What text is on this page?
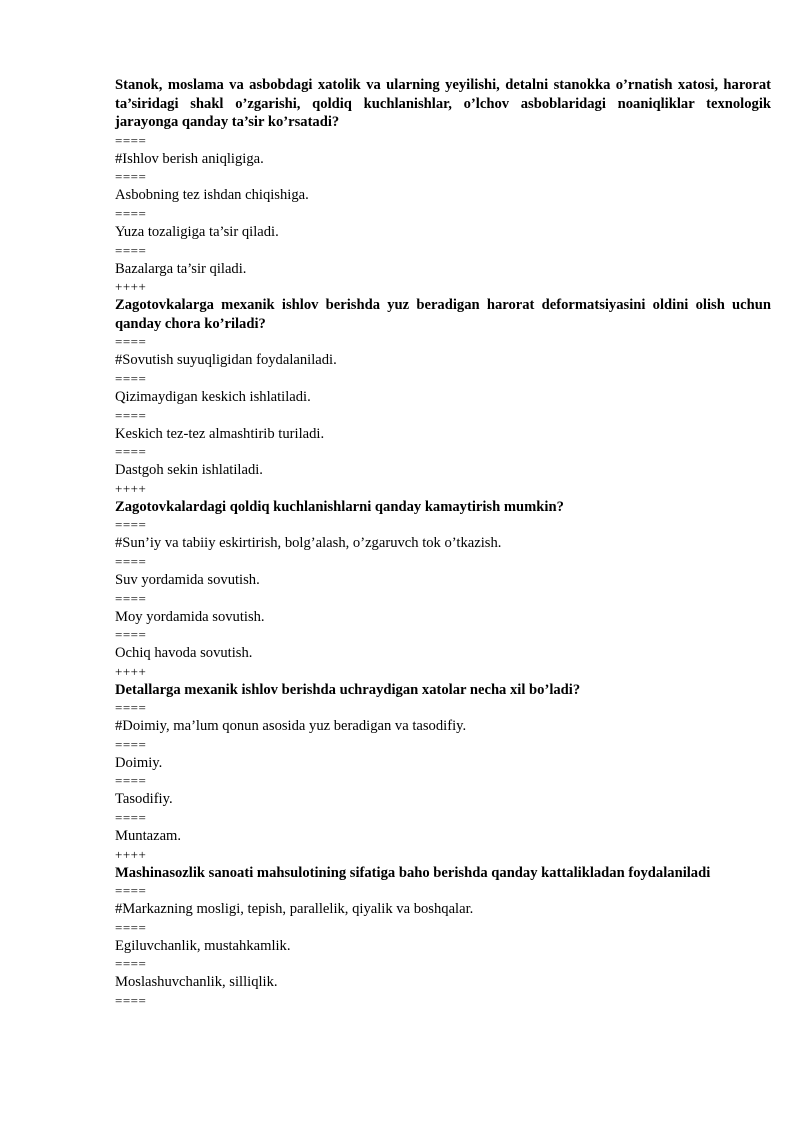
Stanok, moslama va asbobdagi xatolik va ularning yeyilishi, detalni stanokka o’rnatish xatosi, harorat ta’siridagi shakl o’zgarishi, qoldiq kuchlanishlar, o’lchov asboblaridagi noaniqliklar texnologik jarayonga qanday ta’sir ko’rsatadi?
====
#Ishlov berish aniqligiga.
====
Asbobning tez ishdan chiqishiga.
====
Yuza tozaligiga ta’sir qiladi.
====
Bazalarga ta’sir qiladi.
++++
Zagotovkalarga mexanik ishlov berishda yuz beradigan harorat deformatsiyasini oldini olish uchun qanday chora ko’riladi?
====
#Sovutish suyuqligidan foydalaniladi.
====
Qizimaydigan keskich ishlatiladi.
====
Keskich tez-tez almashtirib turiladi.
====
Dastgoh sekin ishlatiladi.
++++
Zagotovkalardagi qoldiq kuchlanishlarni qanday kamaytirish mumkin?
====
#Sun’iy va tabiiy eskirtirish, bolg’alash, o’zgaruvch tok o’tkazish.
====
Suv yordamida sovutish.
====
Moy yordamida sovutish.
====
Ochiq havoda sovutish.
++++
Detallarga mexanik ishlov berishda uchraydigan xatolar necha xil bo’ladi?
====
#Doimiy, ma’lum qonun asosida yuz beradigan va tasodifiy.
====
Doimiy.
====
Tasodifiy.
====
Muntazam.
++++
Mashinasozlik sanoati mahsulotining sifatiga baho berishda qanday kattalikladan foydalaniladi
====
#Markazning mosligi, tepish, parallelik, qiyalik va boshqalar.
====
Egiluvchanlik, mustahkamlik.
====
Moslashuvchanlik, silliqlik.
====
